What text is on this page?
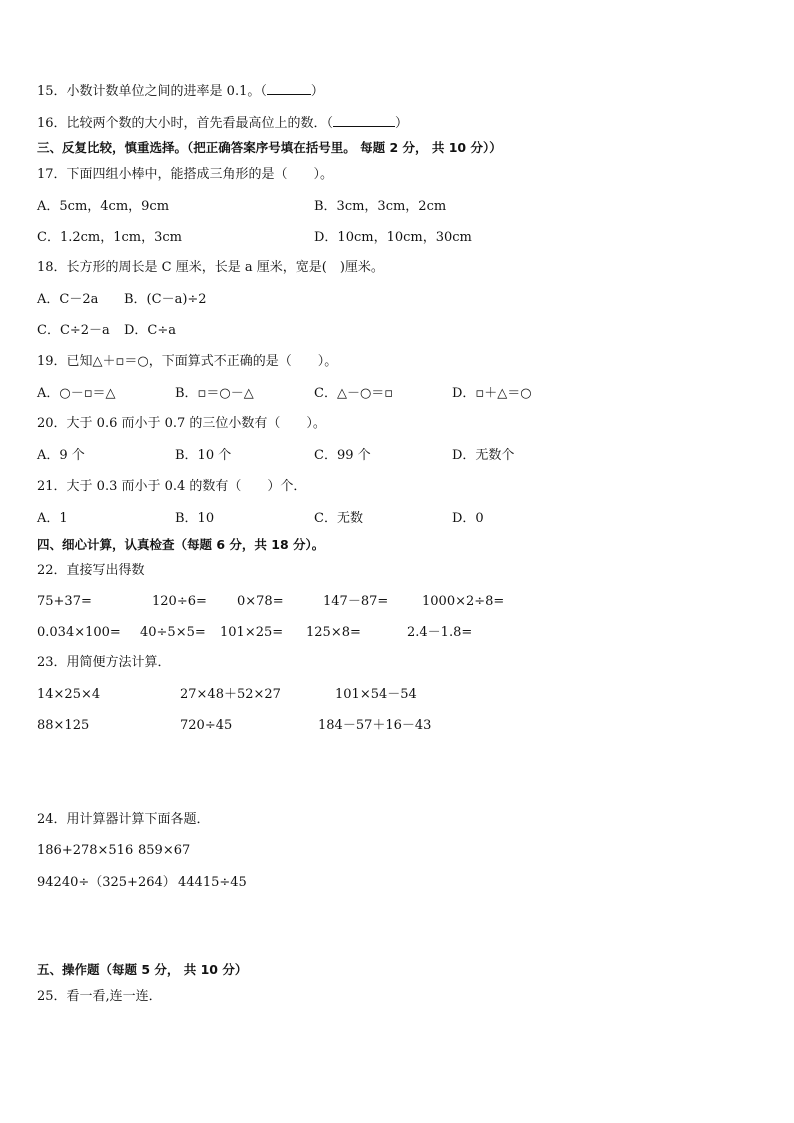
15．小数计数单位之间的进率是 0.1。（	）
16．比较两个数的大小时，首先看最高位上的数．（	）
三、反复比较，慎重选择。（把正确答案序号填在括号里。 每题 2 分， 共 10 分））
17．下面四组小棒中，能搭成三角形的是（　　）。
A．5cm，4cm，9cm	B．3cm，3cm，2cm
C．1.2cm，1cm，3cm	D．10cm，10cm，30cm
18．长方形的周长是 C 厘米，长是 a 厘米，宽是(　)厘米。
A．C－2a B．(C－a)÷2
C．C÷2－a D．C÷a
19．已知△＋▫＝○，下面算式不正确的是（　　）。
A．○－▫＝△	B．▫＝○－△	C．△－○＝▫	D．▫＋△＝○
20．大于 0.6 而小于 0.7 的三位小数有（　　）。
A．9 个	B．10 个	C．99 个	D．无数个
21．大于 0.3 而小于 0.4 的数有（　　）个．
A．1	B．10	C．无数	D．0
四、细心计算，认真检查（每题 6 分，共 18 分）。
22．直接写出得数
75+37=	120÷6= 0×78=	147－87=	1000×2÷8=
0.034×100= 40÷5×5= 101×25= 125×8=	2.4－1.8=
23．用简便方法计算．
14×25×4	27×48＋52×27	101×54－54
88×125	720÷45	184－57＋16－43
24．用计算器计算下面各题．
186+278×516 859×67
94240÷（325+264） 44415÷45
五、操作题（每题 5 分， 共 10 分）
25．看一看,连一连．
